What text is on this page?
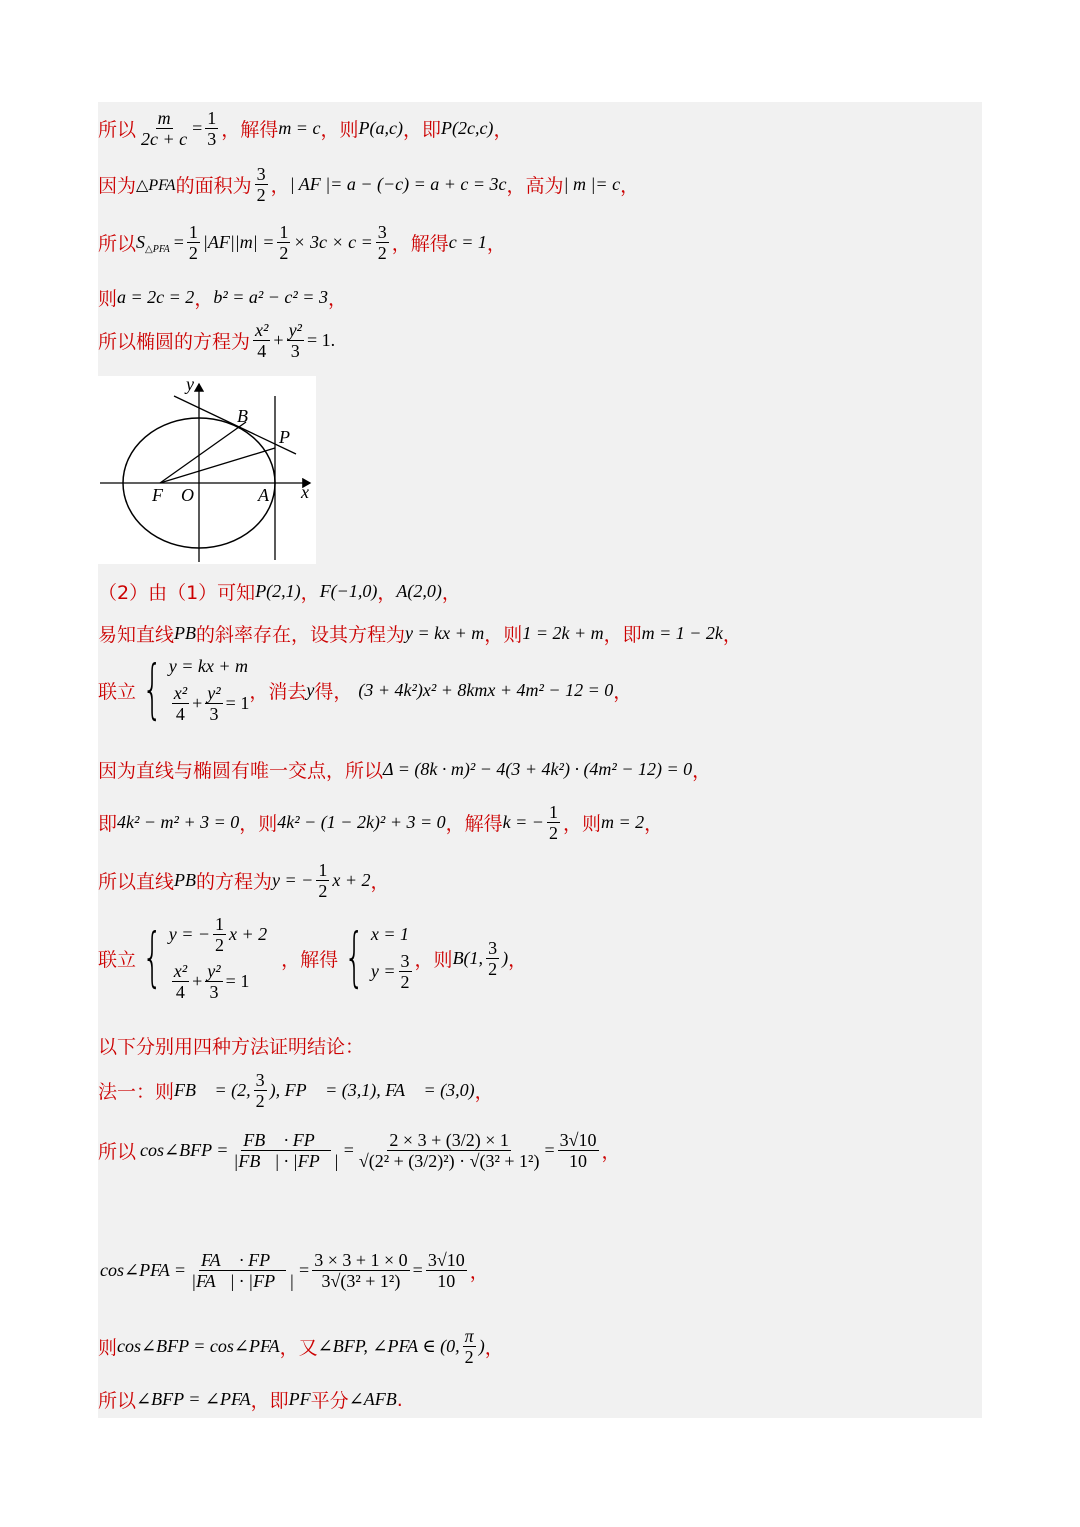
所以 $\frac{m}{2c + c} = \frac{1}{3}$ ，解得 m = c ，则 P(a,c) ，即 P(2c,c) ，
因为 △PFA 的面积为 $\frac{3}{2}$ ， | AF |= a − (−c) = a + c = 3c ，高为 | m |= c ，
所以 S △PFA = $\frac{1}{2} |AF||m| = \frac{1}{2} \times 3c \times c = \frac{3}{2}$ ，解得 c = 1 ，
则 a = 2c = 2 ， b² = a² − c² = 3 ，
所以椭圆的方程为 $\frac{\text{x²}}{4} + \frac{\text{y²}}{3} = 1$.
y
x
B
P
F O	A
（2）由（1）可知 P(2,1) ， F(−1,0) ， A(2,0) ，
易知直线 PB 的斜率存在，设其方程为 y = kx + m ，则 1 = 2k + m ，即 m = 1 − 2k ，
联立 { y = kx + m
$\frac{\text{x²}}{4} + \frac{\text{y²}}{3} = 1$
，消去 y 得， (3 + 4k²)x² + 8kmx + 4m² − 12 = 0 ，
因为直线与椭圆有唯一交点，所以 Δ = (8k · m)² − 4(3 + 4k²) · (4m² − 12) = 0 ，
即 4k² − m² + 3 = 0 ，则 4k² − (1 − 2k)² + 3 = 0 ，解得 k = − $\frac{1}{2}$ ，则 m = 2 ，
所以直线 PB 的方程为 y = − $\frac{1}{2}$ x + 2 ，
联立 { y = − $\frac{1}{2}$ x + 2
$\frac{\text{x²}}{4} + \frac{\text{y²}}{3} = 1$
，解得 { x = 1
$y = \frac{3}{2}$ ，则 B(1, $\frac{3}{2}$ ) ，
以下分别用四种方法证明结论：
法一：则 FB⃗ = (2, $\frac{3}{2}$ ), FP⃗ = (3,1), FA⃗ = (3,0) ，
所以 cos∠BFP = $\frac{FB⃗ \cdot FP⃗}{|FB⃗| \cdot |FP⃗|} = \frac{2 \times 3 + (3/2) \times 1}{\text{√(2² + (3/2)²) · √(3² + 1²)}} = \frac{3√10}{10}$ ，
cos∠PFA = $\frac{FA⃗ \cdot FP⃗}{|FA⃗| \cdot |FP⃗|} = \frac{3 \times 3 + 1 \times 0}{\text{3√(3² + 1²)}} = \frac{3√10}{10}$ ，
则 cos∠BFP = cos∠PFA ，又 ∠BFP, ∠PFA ∈ (0, $\frac{\pi}{2}$ ) ，
所以 ∠BFP = ∠PFA ，即 PF 平分 ∠AFB .
